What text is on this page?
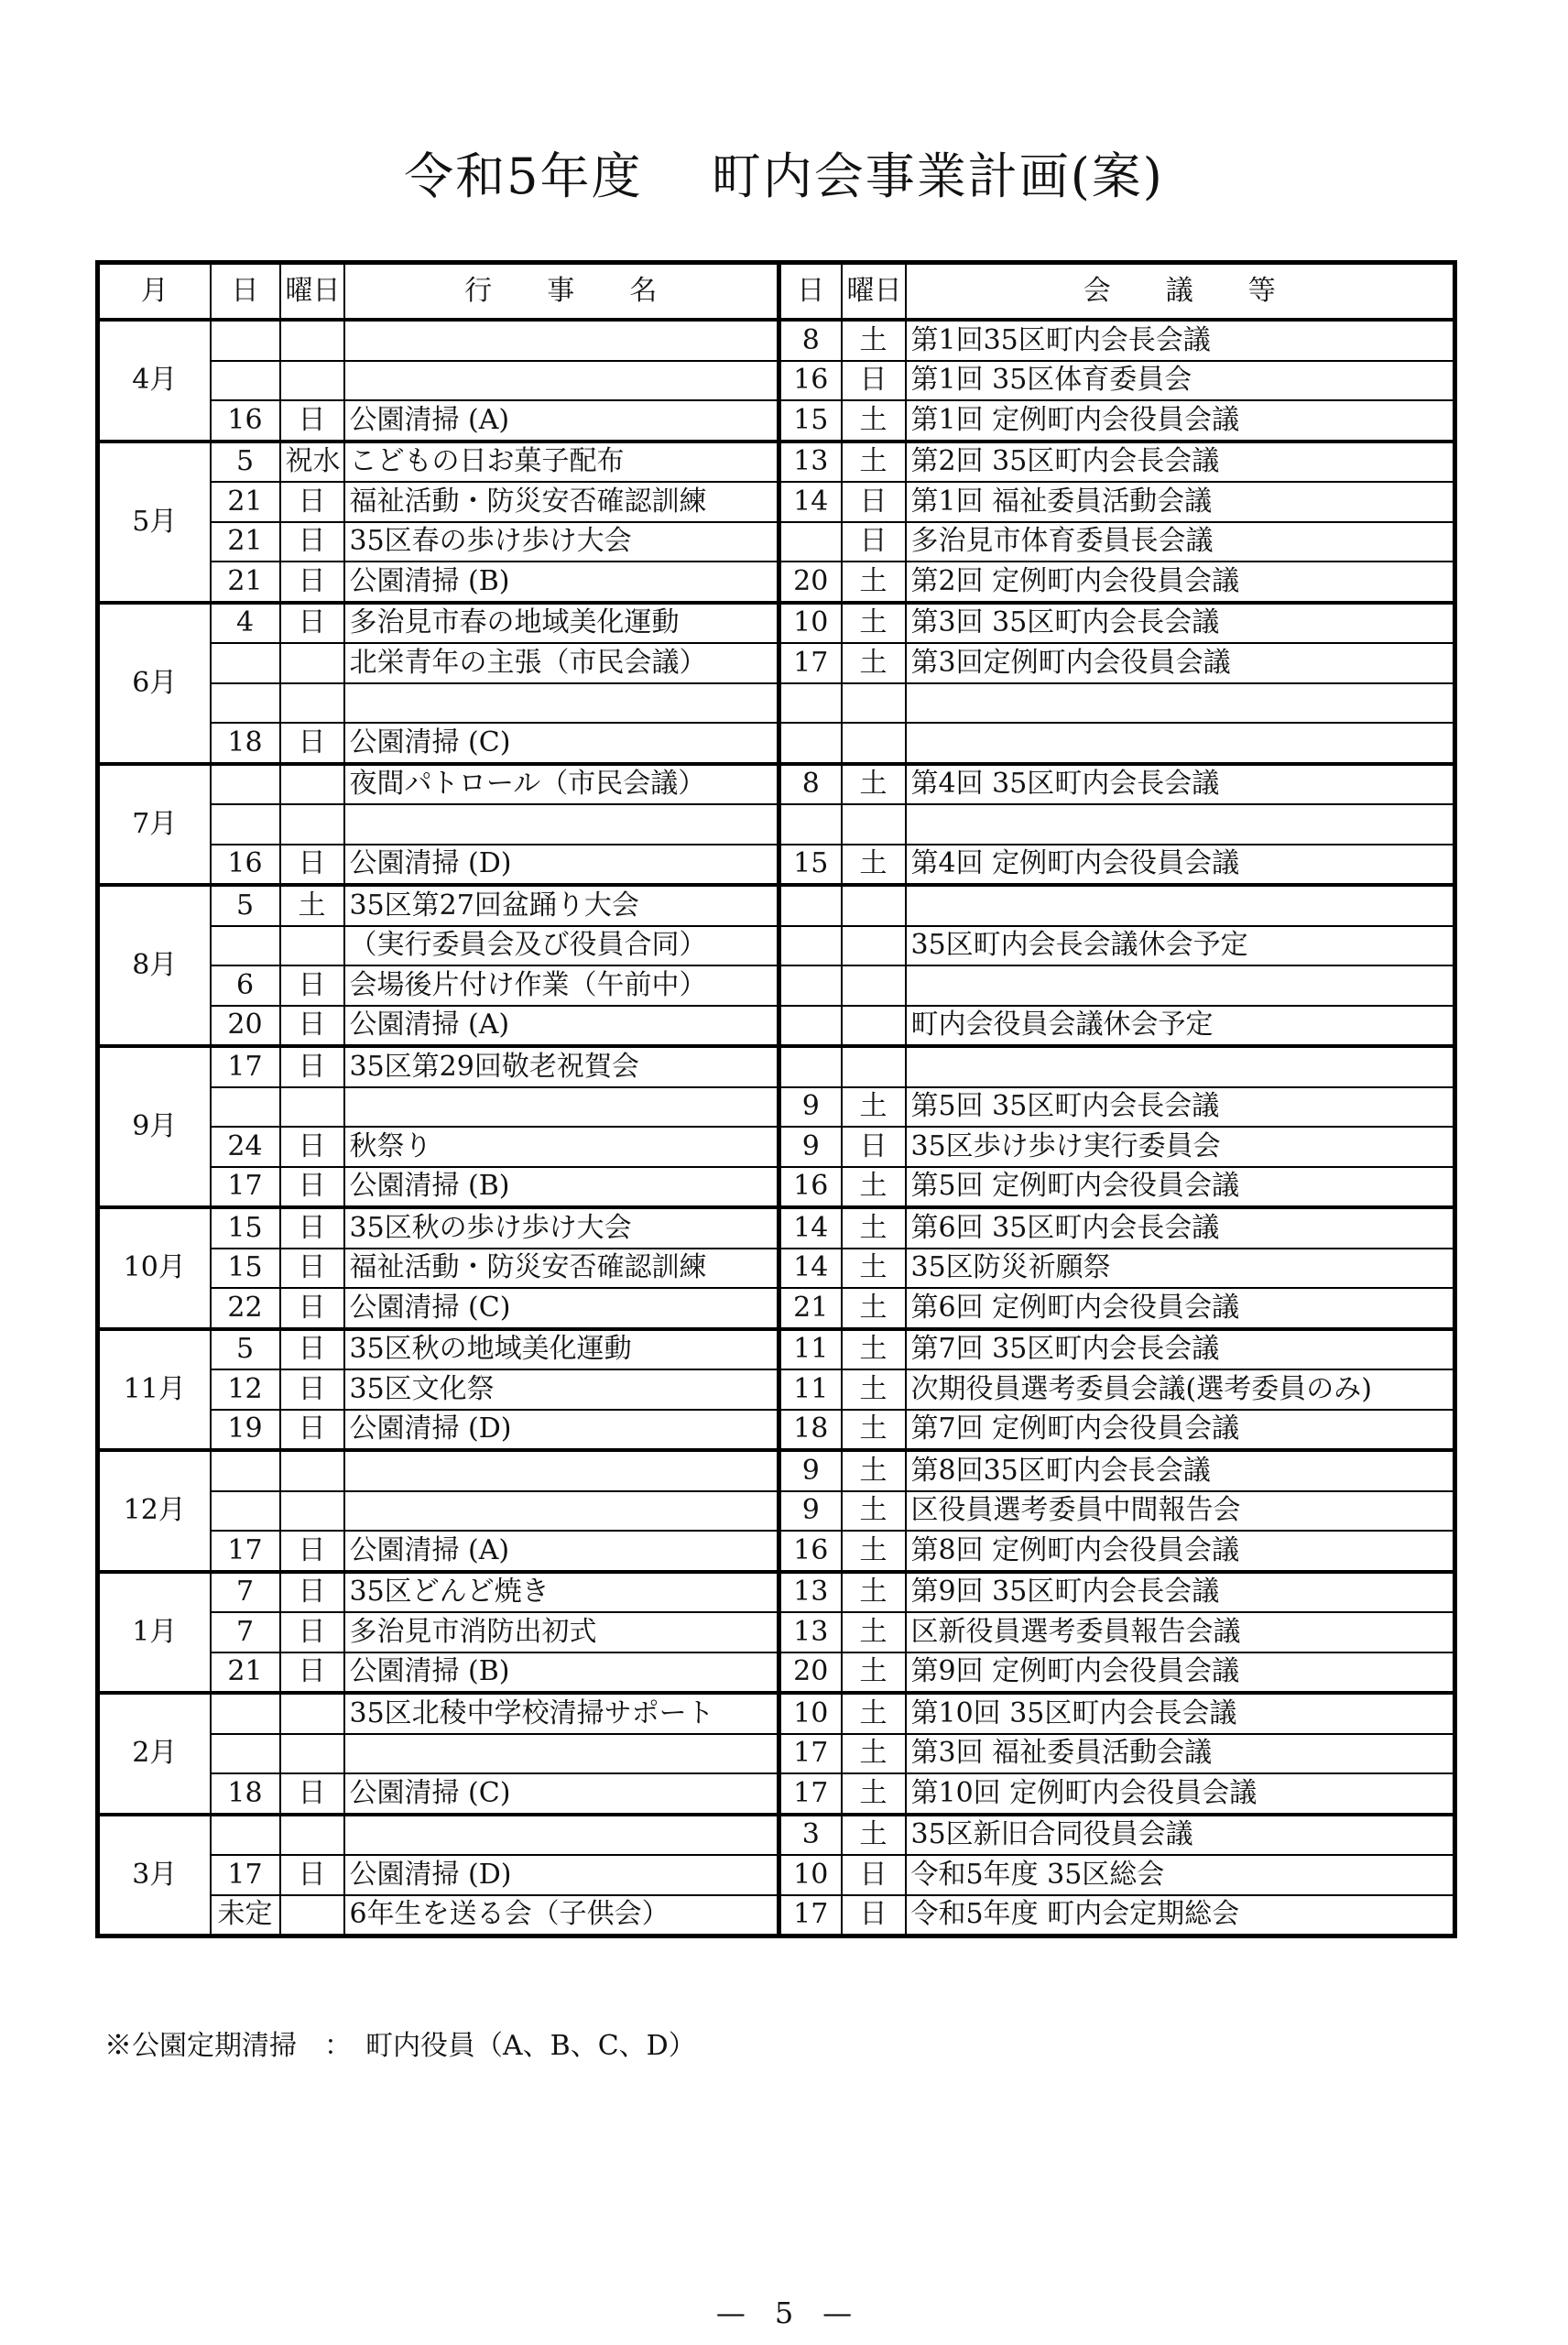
令和5年度　 町内会事業計画(案)
月	日	曜日	行　　事　　名	日	曜日	会　　議　　等
4月				8	土	第1回35区町内会長会議
				16	日	第1回 35区体育委員会
	16	日	公園清掃 (A)	15	土	第1回 定例町内会役員会議
5月	5	祝水	こどもの日お菓子配布	13	土	第2回 35区町内会長会議
	21	日	福祉活動・防災安否確認訓練	14	日	第1回 福祉委員活動会議
	21	日	35区春の歩け歩け大会		日	多治見市体育委員長会議
	21	日	公園清掃 (B)	20	土	第2回 定例町内会役員会議
6月	4	日	多治見市春の地域美化運動	10	土	第3回 35区町内会長会議
			北栄青年の主張（市民会議）	17	土	第3回定例町内会役員会議

	18	日	公園清掃 (C)			
7月			夜間パトロール（市民会議）	8	土	第4回 35区町内会長会議

	16	日	公園清掃 (D)	15	土	第4回 定例町内会役員会議
8月	5	土	35区第27回盆踊り大会			
			（実行委員会及び役員合同）			35区町内会長会議休会予定
	6	日	会場後片付け作業（午前中）			
	20	日	公園清掃 (A)			町内会役員会議休会予定
9月	17	日	35区第29回敬老祝賀会			
				9	土	第5回 35区町内会長会議
	24	日	秋祭り	9	日	35区歩け歩け実行委員会
	17	日	公園清掃 (B)	16	土	第5回 定例町内会役員会議
10月	15	日	35区秋の歩け歩け大会	14	土	第6回 35区町内会長会議
	15	日	福祉活動・防災安否確認訓練	14	土	35区防災祈願祭
	22	日	公園清掃 (C)	21	土	第6回 定例町内会役員会議
11月	5	日	35区秋の地域美化運動	11	土	第7回 35区町内会長会議
	12	日	35区文化祭	11	土	次期役員選考委員会議(選考委員のみ)
	19	日	公園清掃 (D)	18	土	第7回 定例町内会役員会議
12月				9	土	第8回35区町内会長会議
				9	土	区役員選考委員中間報告会
	17	日	公園清掃 (A)	16	土	第8回 定例町内会役員会議
1月	7	日	35区どんど焼き	13	土	第9回 35区町内会長会議
	7	日	多治見市消防出初式	13	土	区新役員選考委員報告会議
	21	日	公園清掃 (B)	20	土	第9回 定例町内会役員会議
2月			35区北稜中学校清掃サポート	10	土	第10回 35区町内会長会議
				17	土	第3回 福祉委員活動会議
	18	日	公園清掃 (C)	17	土	第10回 定例町内会役員会議
3月				3	土	35区新旧合同役員会議
	17	日	公園清掃 (D)	10	日	令和5年度 35区総会
	未定		6年生を送る会（子供会）	17	日	令和5年度 町内会定期総会
※公園定期清掃　：　町内役員（A、B、C、D）
—　5　—
